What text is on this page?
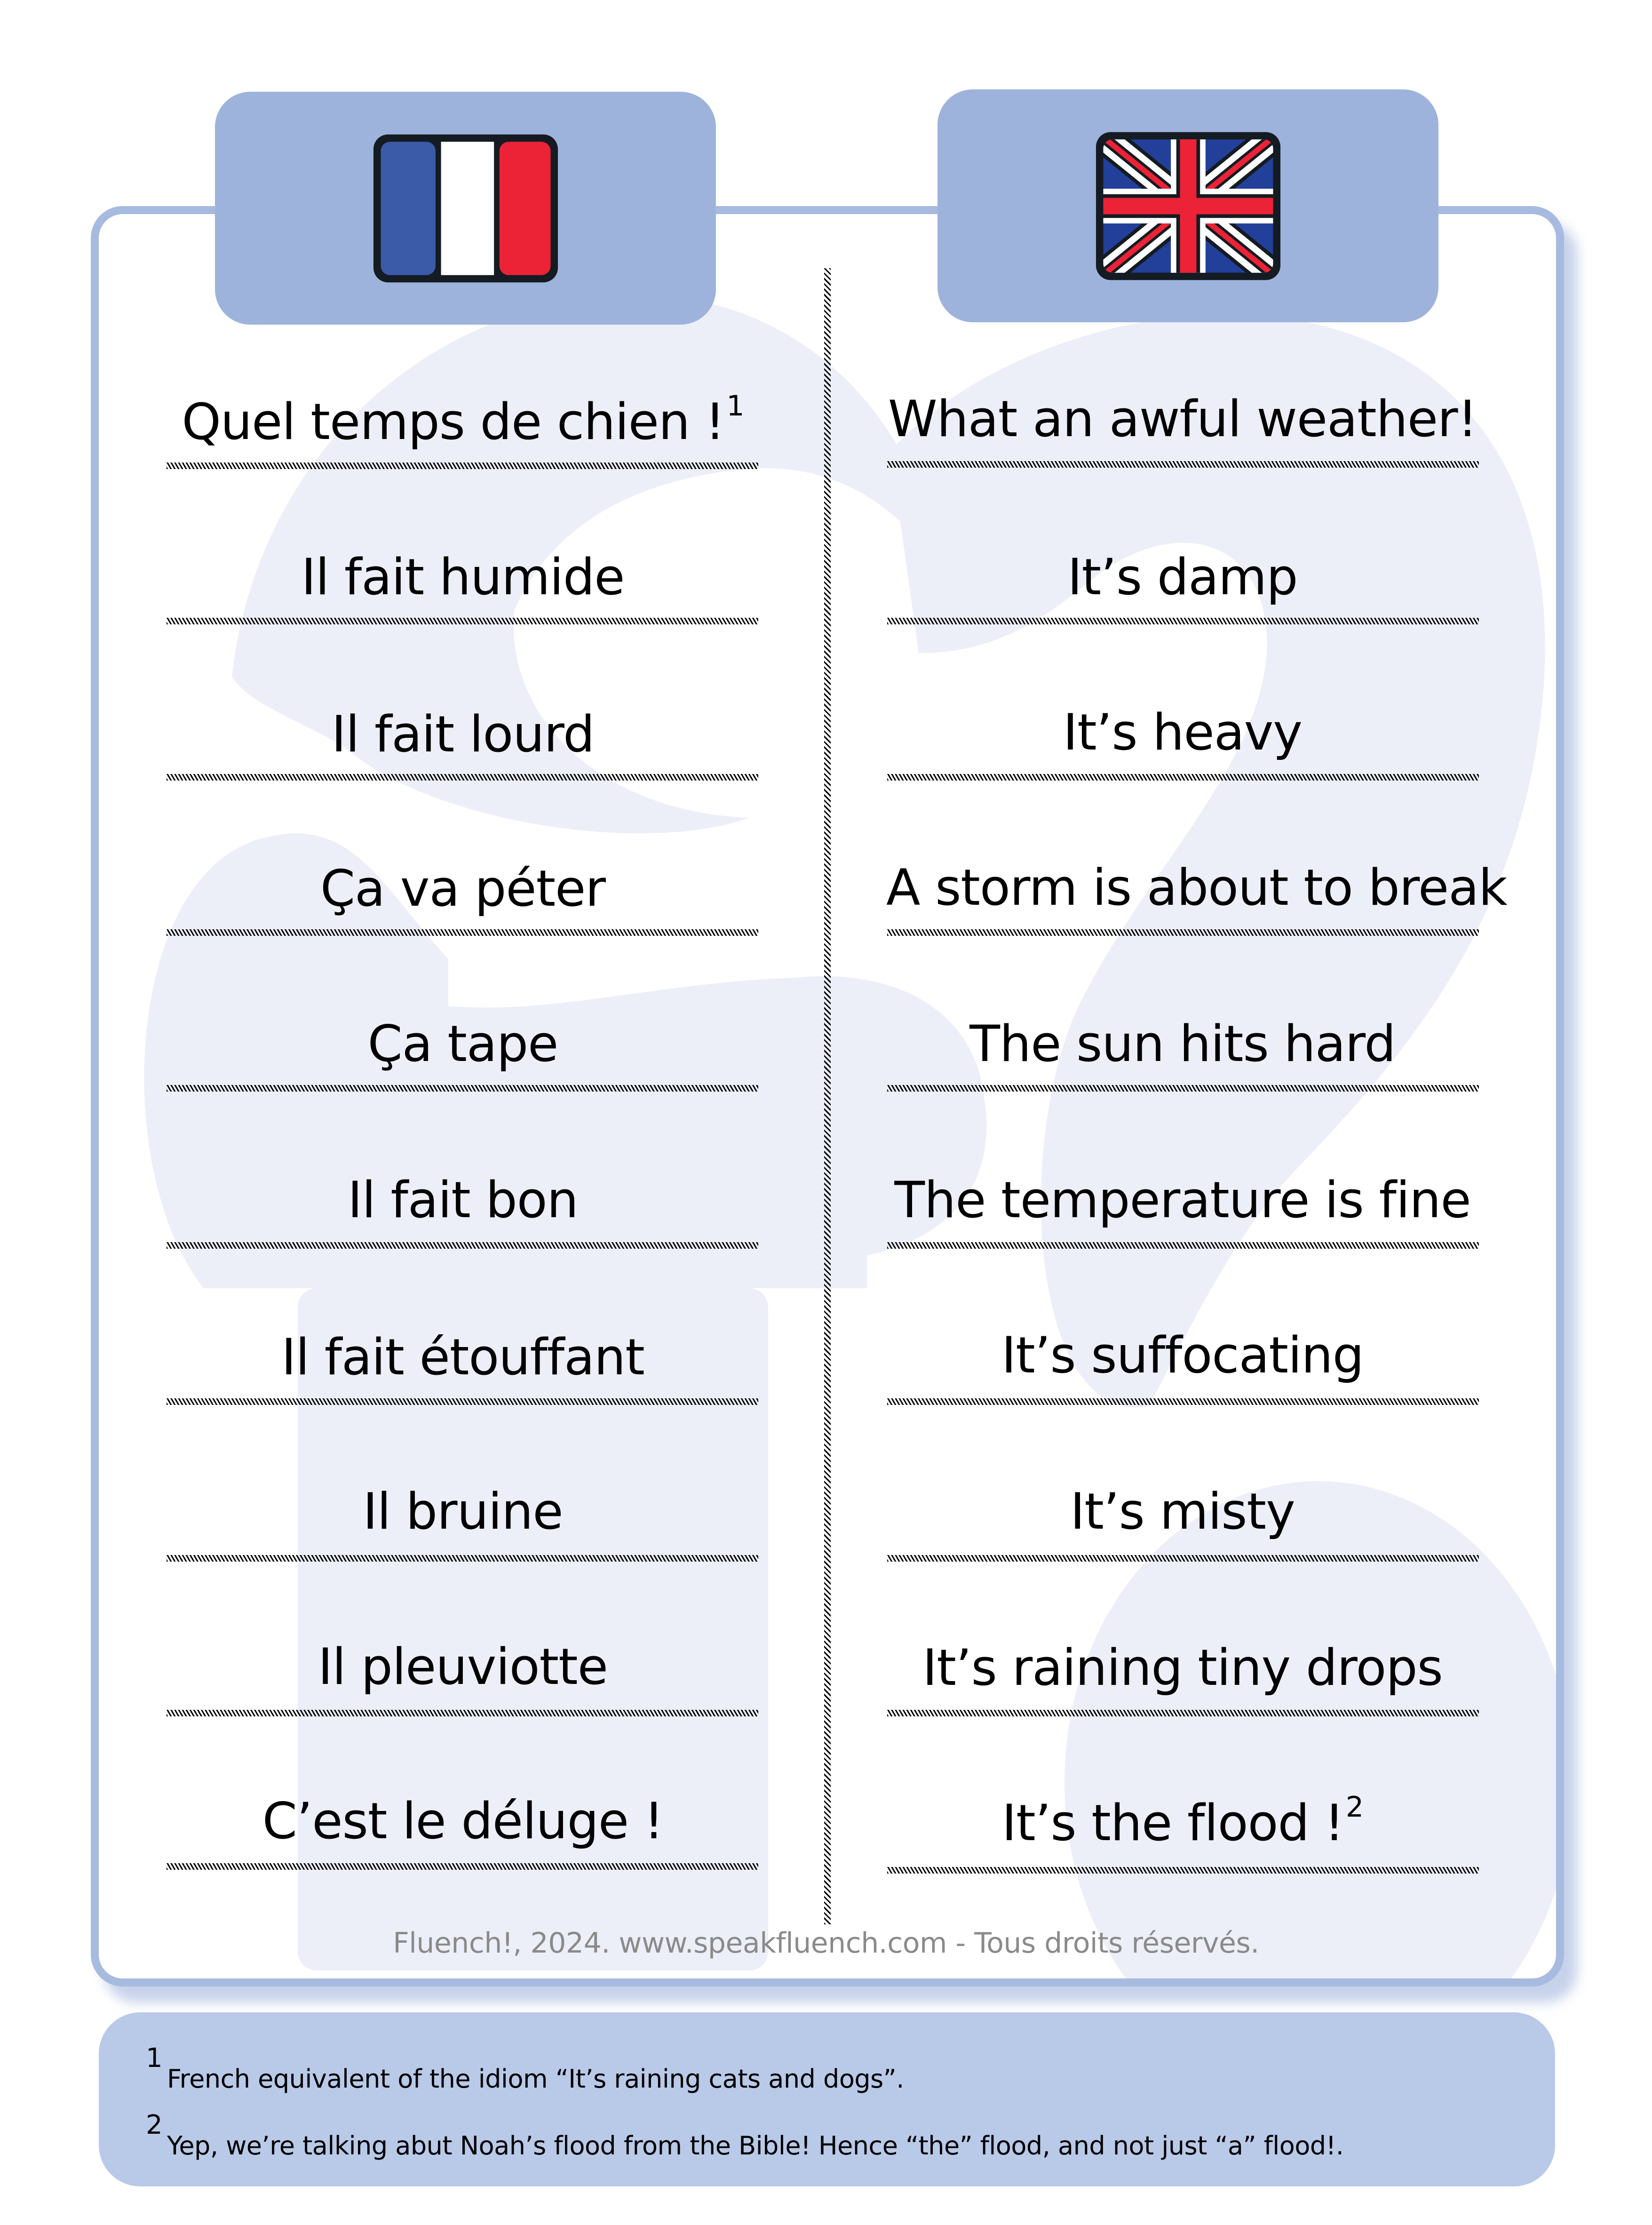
Quel temps de chien !$^1$	What an awful weather!
Il fait humide	It’s damp
Il fait lourd	It’s heavy
Ça va péter	A storm is about to break
Ça tape	The sun hits hard
Il fait bon	The temperature is fine
Il fait étouffant	It’s suffocating
Il bruine	It’s misty
Il pleuviotte	It’s raining tiny drops
C’est le déluge !	It’s the flood !$^2$
Fluench!, 2024. www.speakfluench.com - Tous droits réservés.
1
French equivalent of the idiom “It’s raining cats and dogs”.
2
Yep, we’re talking abut Noah’s flood from the Bible! Hence “the” flood, and not just “a” flood!.
